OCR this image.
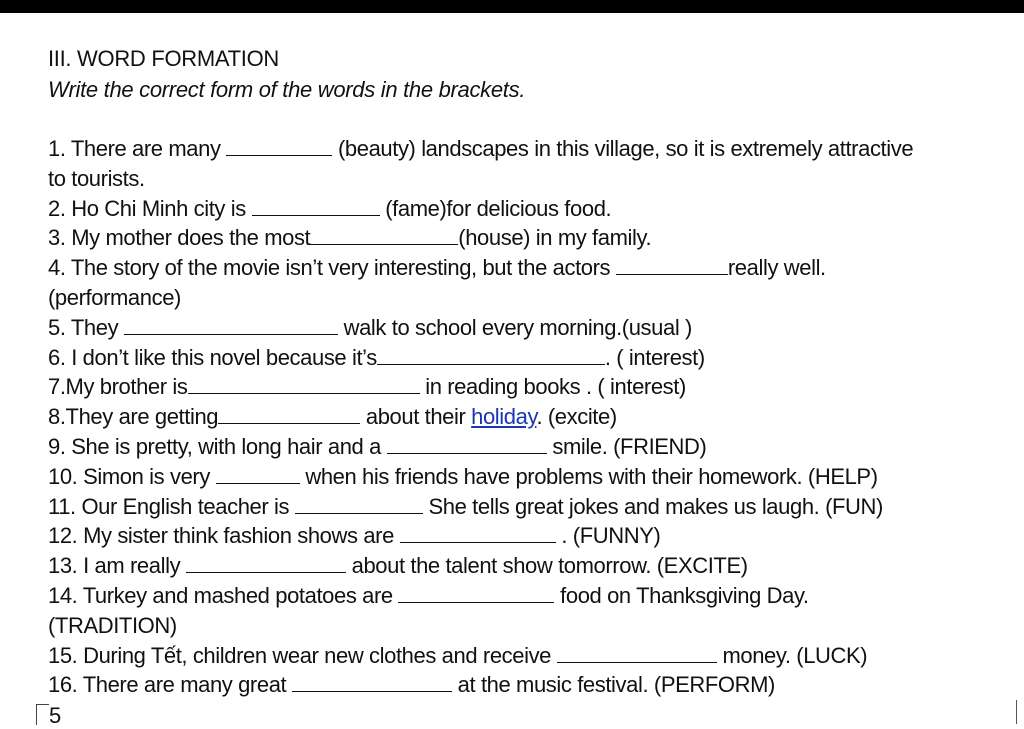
III. WORD FORMATION
Write the correct form of the words in the brackets.
1. There are many	(beauty) landscapes in this village, so it is extremely attractive to tourists.
2. Ho Chi Minh city is	(fame)for delicious food.
3. My mother does the most	(house) in my family.
4. The story of the movie isn’t very interesting, but the actors	really well. (performance)
5. They	walk to school every morning.(usual )
6. I don’t like this novel because it’s	. ( interest)
7.My brother is	in reading books . ( interest)
8.They are getting	about their holiday. (excite)
9. She is pretty, with long hair and a	smile. (FRIEND)
10. Simon is very	when his friends have problems with their homework. (HELP)
11. Our English teacher is	She tells great jokes and makes us laugh. (FUN)
12. My sister think fashion shows are	. (FUNNY)
13. I am really	about the talent show tomorrow. (EXCITE)
14. Turkey and mashed potatoes are	food on Thanksgiving Day. (TRADITION)
15. During Tết, children wear new clothes and receive	money. (LUCK)
16. There are many great	at the music festival. (PERFORM)
5
